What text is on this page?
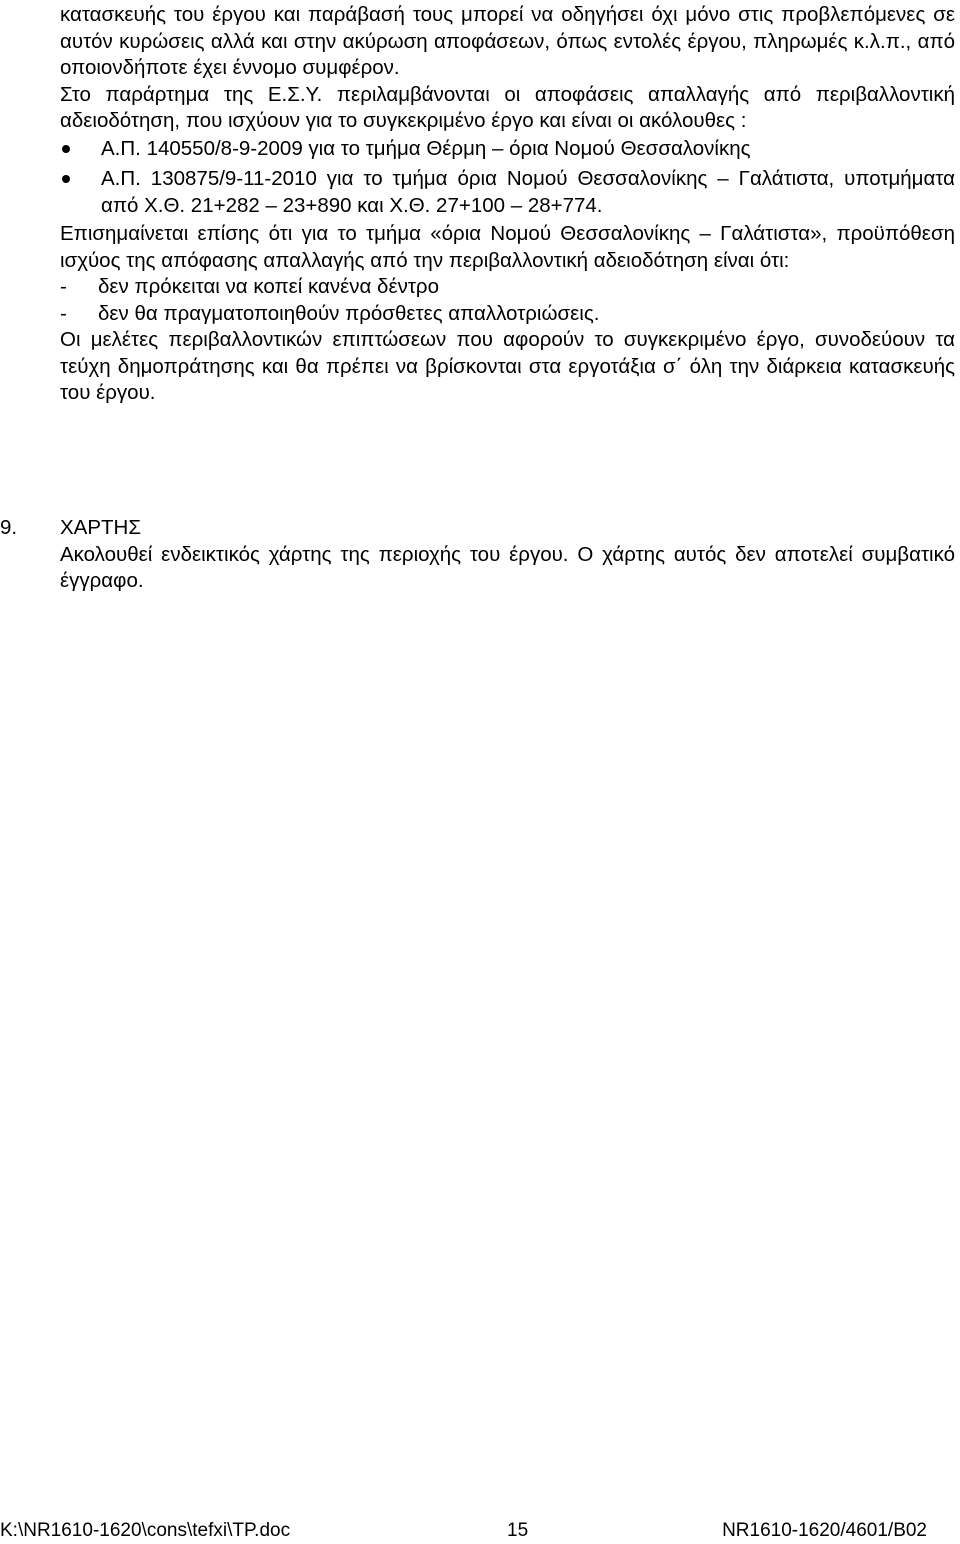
κατασκευής του έργου και παράβασή τους μπορεί να οδηγήσει όχι μόνο στις προβλεπόμενες σε αυτόν κυρώσεις αλλά και στην ακύρωση αποφάσεων, όπως εντολές έργου, πληρωμές κ.λ.π., από οποιονδήποτε έχει έννομο συμφέρον.

Στο παράρτημα της Ε.Σ.Υ. περιλαμβάνονται οι αποφάσεις απαλλαγής από περιβαλλοντική αδειοδότηση, που ισχύουν για το συγκεκριμένο έργο και είναι οι ακόλουθες :

Α.Π. 140550/8-9-2009 για το τμήμα Θέρμη – όρια Νομού Θεσσαλονίκης
Α.Π. 130875/9-11-2010 για το τμήμα όρια Νομού Θεσσαλονίκης – Γαλάτιστα, υποτμήματα από Χ.Θ. 21+282 – 23+890 και Χ.Θ. 27+100 – 28+774.

Επισημαίνεται επίσης ότι για το τμήμα «όρια Νομού Θεσσαλονίκης – Γαλάτιστα», προϋπόθεση ισχύος της απόφασης απαλλαγής από την περιβαλλοντική αδειοδότηση είναι ότι:

-	δεν πρόκειται να κοπεί κανένα δέντρο
-	δεν θα πραγματοποιηθούν πρόσθετες απαλλοτριώσεις.

Οι μελέτες περιβαλλοντικών επιπτώσεων που αφορούν το συγκεκριμένο έργο, συνοδεύουν τα τεύχη δημοπράτησης και θα πρέπει να βρίσκονται στα εργοτάξια σ΄ όλη την διάρκεια κατασκευής του έργου.

9.	ΧΑΡΤΗΣ
Ακολουθεί ενδεικτικός χάρτης της περιοχής του έργου. Ο χάρτης αυτός δεν αποτελεί συμβατικό έγγραφο.
K:\NR1610-1620\cons\tefxi\TP.doc	15	NR1610-1620/4601/B02
